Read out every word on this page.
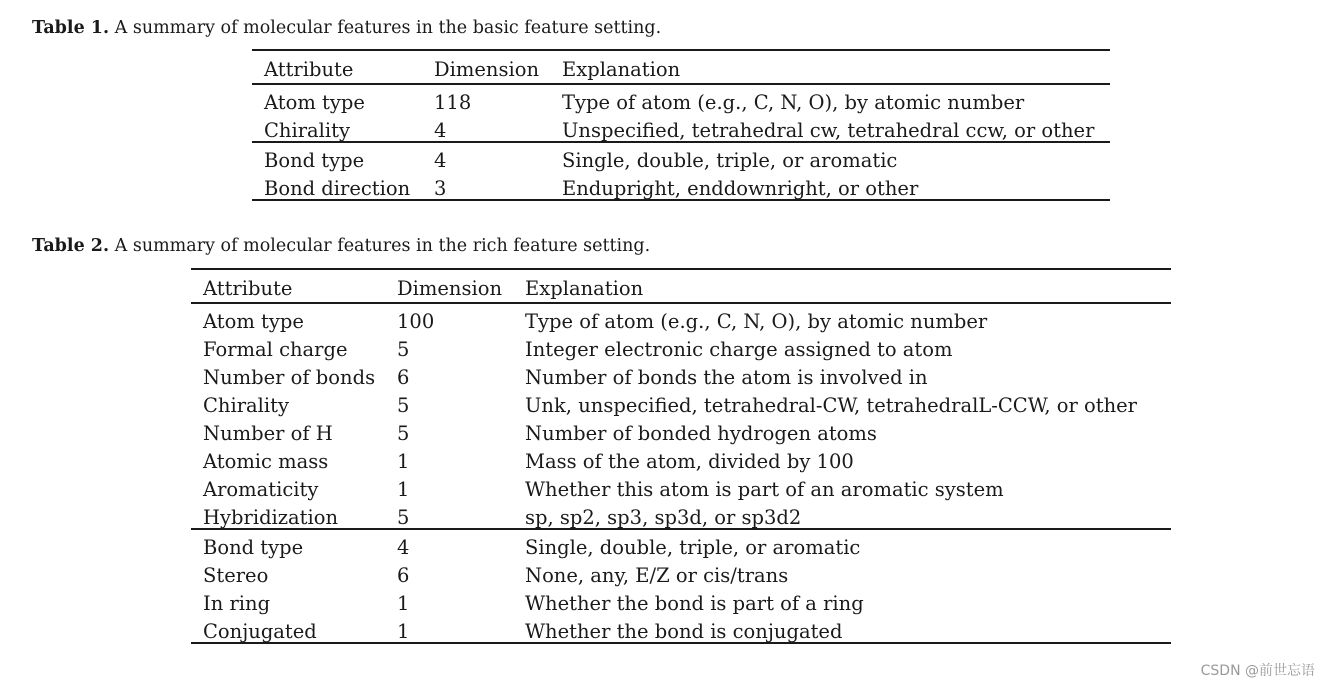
Table 1. A summary of molecular features in the basic feature setting.
Attribute	Dimension Explanation
Atom type	118	Type of atom (e.g., C, N, O), by atomic number
Chirality	4	Unspecified, tetrahedral cw, tetrahedral ccw, or other
Bond type	4	Single, double, triple, or aromatic
Bond direction 3	Endupright, enddownright, or other
Table 2. A summary of molecular features in the rich feature setting.
Attribute	Dimension Explanation
Atom type	100	Type of atom (e.g., C, N, O), by atomic number
Formal charge	5	Integer electronic charge assigned to atom
Number of bonds 6	Number of bonds the atom is involved in
Chirality	5	Unk, unspecified, tetrahedral-CW, tetrahedralL-CCW, or other
Number of H	5	Number of bonded hydrogen atoms
Atomic mass	1	Mass of the atom, divided by 100
Aromaticity	1	Whether this atom is part of an aromatic system
Hybridization	5	sp, sp2, sp3, sp3d, or sp3d2
Bond type	4	Single, double, triple, or aromatic
Stereo	6	None, any, E/Z or cis/trans
In ring	1	Whether the bond is part of a ring
Conjugated	1	Whether the bond is conjugated
CSDN @前世忘语
